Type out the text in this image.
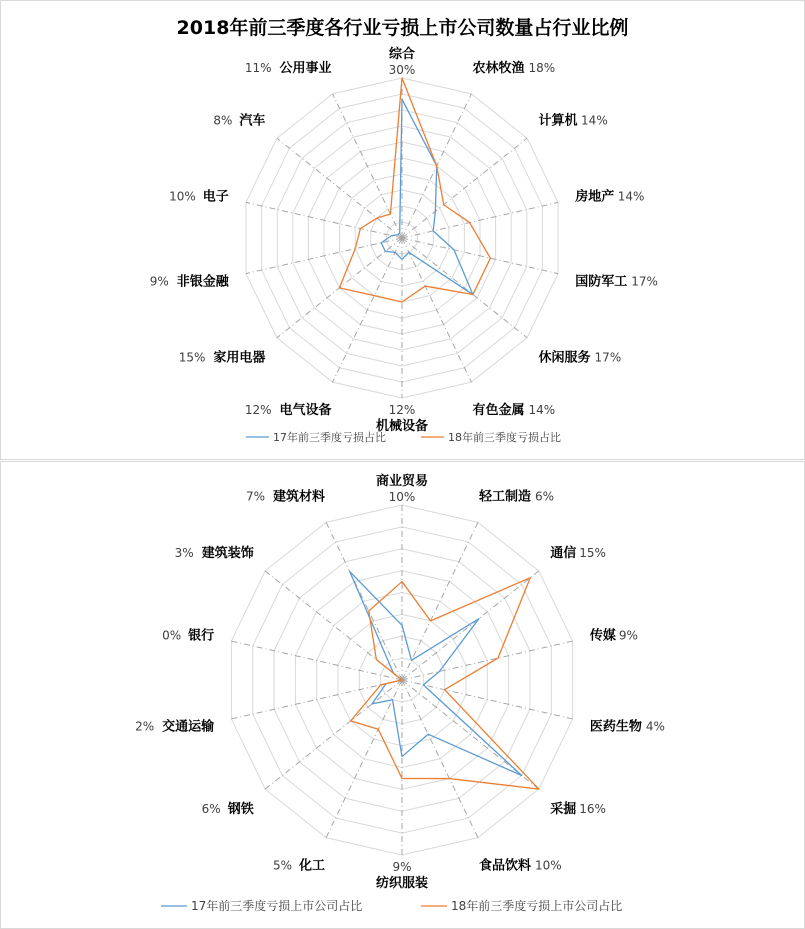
2018年前三季度各行业亏损上市公司数量占行业比例
综合
30%	农林牧渔 18%
计算机 14%
房地产 14%
国防军工 17%
休闲服务 17%
有色金属 14%
机械设备
12%
电气设备
12%
家用电器
15%
非银金融
9%
电子
10%
汽车
8%
公用事业
11%
17年前三季度亏损占比	18年前三季度亏损占比
商业贸易
10%	轻工制造 6%
通信 15%
传媒 9%
医药生物 4%
采掘 16%
食品饮料 10%
纺织服装
9%
化工
5%
钢铁
6%
交通运输
2%
银行
0%
建筑装饰
3%
建筑材料
7%
17年前三季度亏损上市公司占比	18年前三季度亏损上市公司占比
